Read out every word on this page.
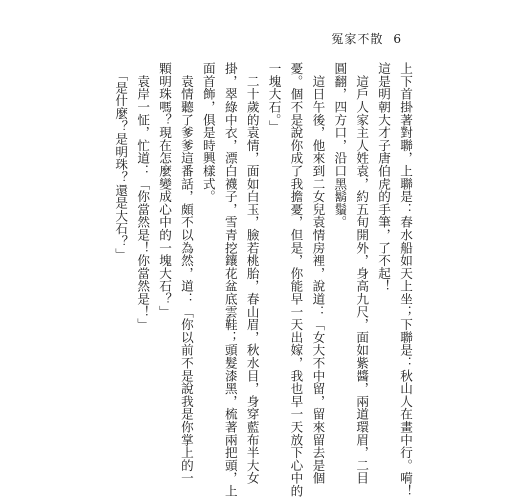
冤家不散 6

上下首掛著對聯，上聯是：春水船如天上坐；下聯是：秋山人在畫中行。嗬！

這是明朝大才子唐伯虎的手筆，了不起！

　這戶人家主人姓袁，約五旬開外，身高九尺，面如紫醬，兩道環眉，二目

圓翻，四方口，沿口黑鬍鬚。

　這日午後，他來到二女兒袁情房裡，說道：「女大不中留，留來留去是個

憂。個不是說你成了我擔憂，但是，你能早一天出嫁，我也早一天放下心中的

一塊大石。」

　二十歲的袁情，面如白玉，臉若桃胎，春山眉，秋水目，身穿藍布半大女

掛，翠綠中衣，漂白襪子，雪青挖鑲花盆底雲鞋；頭髮漆黑，梳著兩把頭，上

面首飾，俱是時興樣式。

　袁情聽了爹爹這番話，頗不以為然，道：「你以前不是說我是你掌上的一

顆明珠嗎？現在怎麼變成心中的一塊大石？」

　袁岸一怔，忙道：「你當然是！你當然是！」

　「是什麼？是明珠？還是大石？」
